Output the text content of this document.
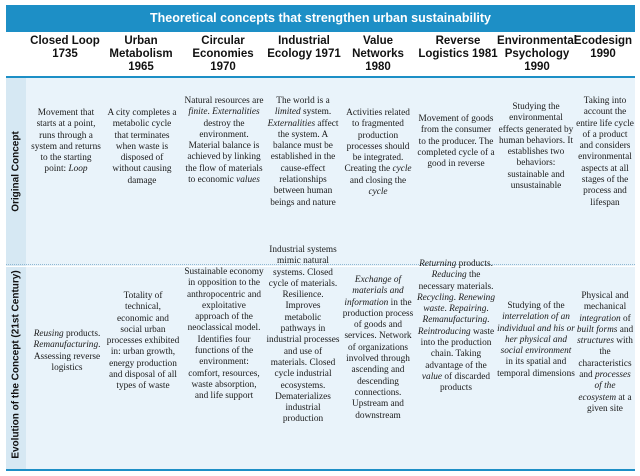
Theoretical concepts that strengthen urban sustainability
Closed Loop
1735
Urban
Metabolism
1965
Circular
Economies
1970
Industrial
Ecology 1971
Value
Networks
1980
Reverse
Logistics 1981
Environmental
Psychology
1990
Ecodesign
1990
Original Concept
Movement that starts at a point, runs through a system and returns to the starting point: Loop
A city completes a metabolic cycle that terminates when waste is disposed of without causing damage
Natural resources are finite. Externalities destroy the environment. Material balance is achieved by linking the flow of materials to economic values
The world is a limited system. Externalities affect the system. A balance must be established in the cause-effect relationships between human beings and nature
Activities related to fragmented production processes should be integrated. Creating the cycle and closing the cycle
Movement of goods from the consumer to the producer. The completed cycle of a good in reverse
Studying the environmental effects generated by human behaviors. It establishes two behaviors: sustainable and unsustainable
Taking into account the entire life cycle of a product and considers environmental aspects at all stages of the process and lifespan
Evolution of the Concept (21st Century)	Reusing products. Remanufacturing. Assessing reverse logistics
Totality of technical, economic and social urban processes exhibited in: urban growth, energy production and disposal of all types of waste
Sustainable economy in opposition to the anthropocentric and exploitative approach of the neoclassical model. Identifies four functions of the environment: comfort, resources, waste absorption, and life support
Industrial systems mimic natural systems. Closed cycle of materials. Resilience. Improves metabolic pathways in industrial processes and use of materials. Closed cycle industrial ecosystems. Dematerializes industrial production
Exchange of materials and information in the production process of goods and services. Network of organizations involved through ascending and descending connections. Upstream and downstream
Returning products. Reducing the necessary materials. Recycling. Renewing waste. Repairing. Remanufacturing. Reintroducing waste into the production chain. Taking advantage of the value of discarded products
Studying of the interrelation of an individual and his or her physical and social environment in its spatial and temporal dimensions
Physical and mechanical integration of built forms and structures with the characteristics and processes of the ecosystem at a given site
